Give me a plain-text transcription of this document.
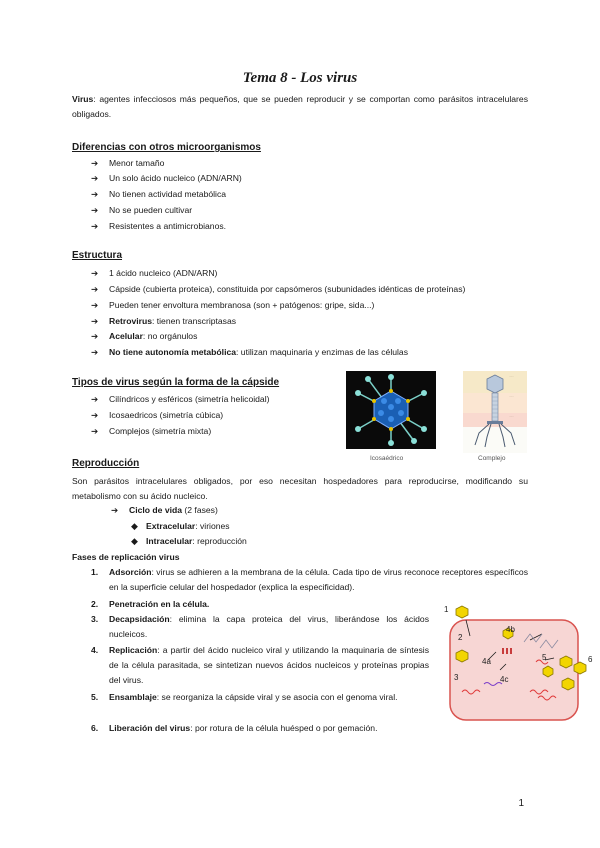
Tema 8 - Los virus
Virus: agentes infecciosos más pequeños, que se pueden reproducir y se comportan como parásitos intracelulares obligados.
Diferencias con otros microorganismos
➔ Menor tamaño
➔ Un solo ácido nucleico (ADN/ARN)
➔ No tienen actividad metabólica
➔ No se pueden cultivar
➔ Resistentes a antimicrobianos.
Estructura
➔ 1 ácido nucleico (ADN/ARN)
➔ Cápside (cubierta proteica), constituida por capsómeros (subunidades idénticas de proteínas)
➔ Pueden tener envoltura membranosa (son + patógenos: gripe, sida...)
➔ Retrovirus: tienen transcriptasas
➔ Acelular: no orgánulos
➔ No tiene autonomía metabólica: utilizan maquinaria y enzimas de las células
Tipos de virus según la forma de la cápside
➔ Cilíndricos y esféricos (simetría helicoidal)
➔ Icosaedricos (simetría cúbica)
➔ Complejos (simetría mixta)
Icosaédrico
······
······
······
Complejo
Reproducción
Son parásitos intracelulares obligados, por eso necesitan hospedadores para reproducirse, modificando su metabolismo con su ácido nucleico.
➔ Ciclo de vida (2 fases)
◆ Extracelular: viriones
◆ Intracelular: reproducción
Fases de replicación virus
1. Adsorción: virus se adhieren a la membrana de la célula. Cada tipo de virus reconoce receptores específicos en la superficie celular del hospedador (explica la especificidad).
2. Penetración en la célula.
3. Decapsidación: elimina la capa proteica del virus, liberándose los ácidos nucleicos.
4. Replicación: a partir del ácido nucleico viral y utilizando la maquinaria de síntesis de la célula parasitada, se sintetizan nuevos ácidos nucleicos y proteínas propias del virus.
5. Ensamblaje: se reorganiza la cápside viral y se asocia con el genoma viral.
6. Liberación del virus: por rotura de la célula huésped o por gemación.
1
2
3
4a
4b
4c
5	6
1
